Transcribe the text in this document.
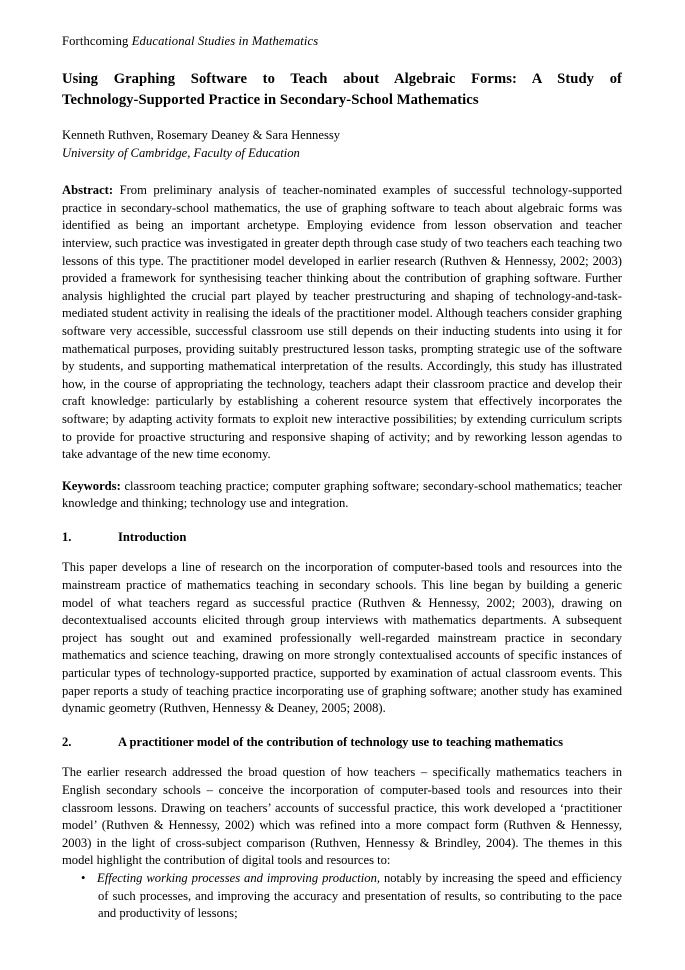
Forthcoming Educational Studies in Mathematics
Using Graphing Software to Teach about Algebraic Forms: A Study of
Technology-Supported Practice in Secondary-School Mathematics
Kenneth Ruthven, Rosemary Deaney & Sara Hennessy
University of Cambridge, Faculty of Education

Abstract: From preliminary analysis of teacher-nominated examples of successful technology-supported practice in secondary-school mathematics, the use of graphing software to teach about algebraic forms was identified as being an important archetype. Employing evidence from lesson observation and teacher interview, such practice was investigated in greater depth through case study of two teachers each teaching two lessons of this type. The practitioner model developed in earlier research (Ruthven & Hennessy, 2002; 2003) provided a framework for synthesising teacher thinking about the contribution of graphing software. Further analysis highlighted the crucial part played by teacher prestructuring and shaping of technology-and-task-mediated student activity in realising the ideals of the practitioner model. Although teachers consider graphing software very accessible, successful classroom use still depends on their inducting students into using it for mathematical purposes, providing suitably prestructured lesson tasks, prompting strategic use of the software by students, and supporting mathematical interpretation of the results. Accordingly, this study has illustrated how, in the course of appropriating the technology, teachers adapt their classroom practice and develop their craft knowledge: particularly by establishing a coherent resource system that effectively incorporates the software; by adapting activity formats to exploit new interactive possibilities; by extending curriculum scripts to provide for proactive structuring and responsive shaping of activity; and by reworking lesson agendas to take advantage of the new time economy.

Keywords: classroom teaching practice; computer graphing software; secondary-school mathematics; teacher knowledge and thinking; technology use and integration.

1.	Introduction

This paper develops a line of research on the incorporation of computer-based tools and resources into the mainstream practice of mathematics teaching in secondary schools. This line began by building a generic model of what teachers regard as successful practice (Ruthven & Hennessy, 2002; 2003), drawing on decontextualised accounts elicited through group interviews with mathematics departments. A subsequent project has sought out and examined professionally well-regarded mainstream practice in secondary mathematics and science teaching, drawing on more strongly contextualised accounts of specific instances of particular types of technology-supported practice, supported by examination of actual classroom events. This paper reports a study of teaching practice incorporating use of graphing software; another study has examined dynamic geometry (Ruthven, Hennessy & Deaney, 2005; 2008).

2.	A practitioner model of the contribution of technology use to teaching mathematics

The earlier research addressed the broad question of how teachers – specifically mathematics teachers in English secondary schools – conceive the incorporation of computer-based tools and resources into their classroom lessons. Drawing on teachers’ accounts of successful practice, this work developed a ‘practitioner model’ (Ruthven & Hennessy, 2002) which was refined into a more compact form (Ruthven & Hennessy, 2003) in the light of cross-subject comparison (Ruthven, Hennessy & Brindley, 2004). The themes in this model highlight the contribution of digital tools and resources to:

• Effecting working processes and improving production, notably by increasing the speed and efficiency of such processes, and improving the accuracy and presentation of results, so contributing to the pace and productivity of lessons;
